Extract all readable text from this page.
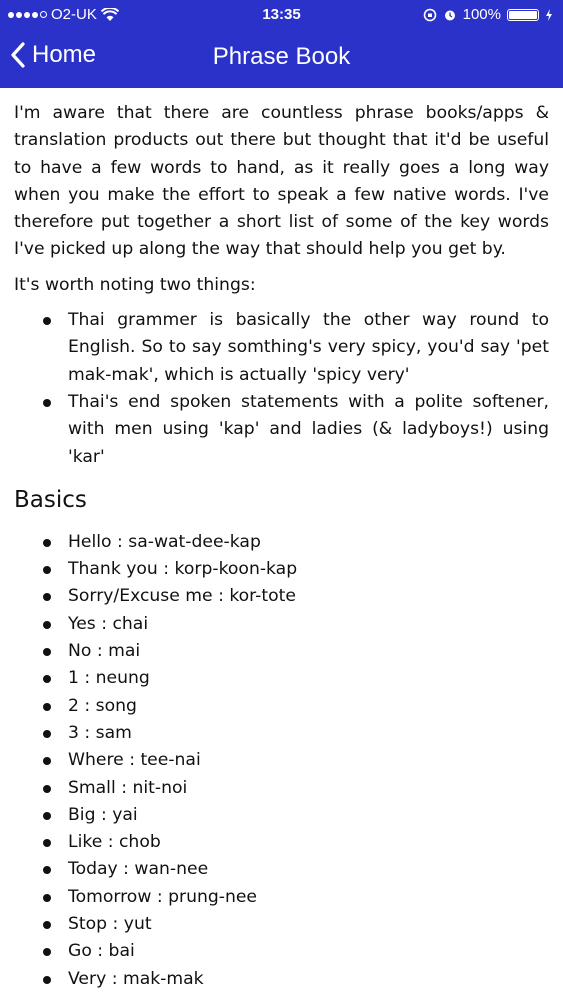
O2-UK	13:35	100%
Home	Phrase Book

I'm aware that there are countless phrase books/apps & translation products out there but thought that it'd be useful to have a few words to hand, as it really goes a long way when you make the effort to speak a few native words. I've therefore put together a short list of some of the key words I've picked up along the way that should help you get by.

It's worth noting two things:

Thai grammer is basically the other way round to English. So to say somthing's very spicy, you'd say 'pet mak-mak', which is actually 'spicy very'
Thai's end spoken statements with a polite softener, with men using 'kap' and ladies (& ladyboys!) using 'kar'
Basics
Hello : sa-wat-dee-kap
Thank you : korp-koon-kap
Sorry/Excuse me : kor-tote
Yes : chai
No : mai
1 : neung
2 : song
3 : sam
Where : tee-nai
Small : nit-noi
Big : yai
Like : chob
Today : wan-nee
Tomorrow : prung-nee
Stop : yut
Go : bai
Very : mak-mak
